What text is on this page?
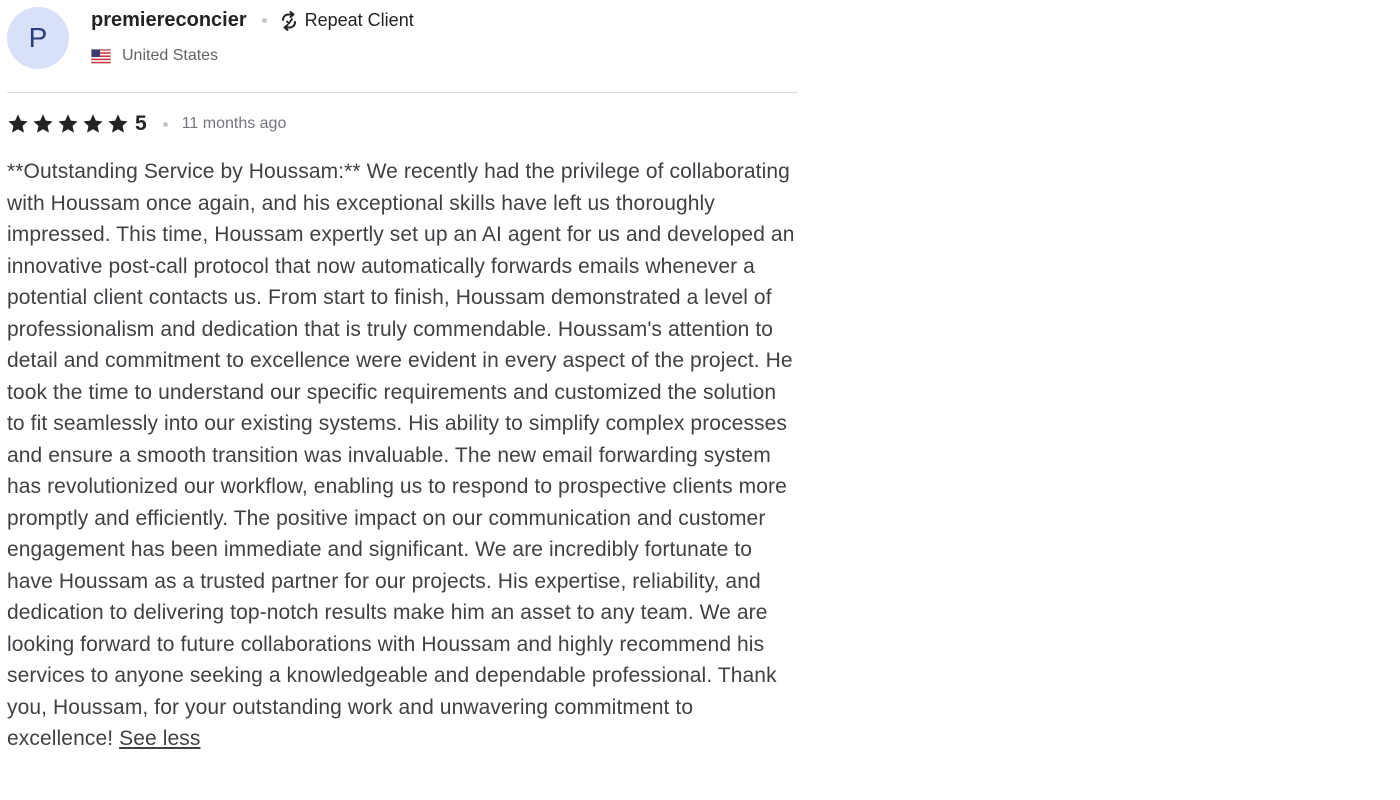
P
premiereconcier	Repeat Client
United States
5 11 months ago
**Outstanding Service by Houssam:** We recently had the privilege of collaborating with Houssam once again, and his exceptional skills have left us thoroughly impressed. This time, Houssam expertly set up an AI agent for us and developed an innovative post-call protocol that now automatically forwards emails whenever a potential client contacts us. From start to finish, Houssam demonstrated a level of professionalism and dedication that is truly commendable. Houssam's attention to detail and commitment to excellence were evident in every aspect of the project. He took the time to understand our specific requirements and customized the solution to fit seamlessly into our existing systems. His ability to simplify complex processes and ensure a smooth transition was invaluable. The new email forwarding system has revolutionized our workflow, enabling us to respond to prospective clients more promptly and efficiently. The positive impact on our communication and customer engagement has been immediate and significant. We are incredibly fortunate to have Houssam as a trusted partner for our projects. His expertise, reliability, and dedication to delivering top-notch results make him an asset to any team. We are looking forward to future collaborations with Houssam and highly recommend his services to anyone seeking a knowledgeable and dependable professional. Thank you, Houssam, for your outstanding work and unwavering commitment to excellence! See less
